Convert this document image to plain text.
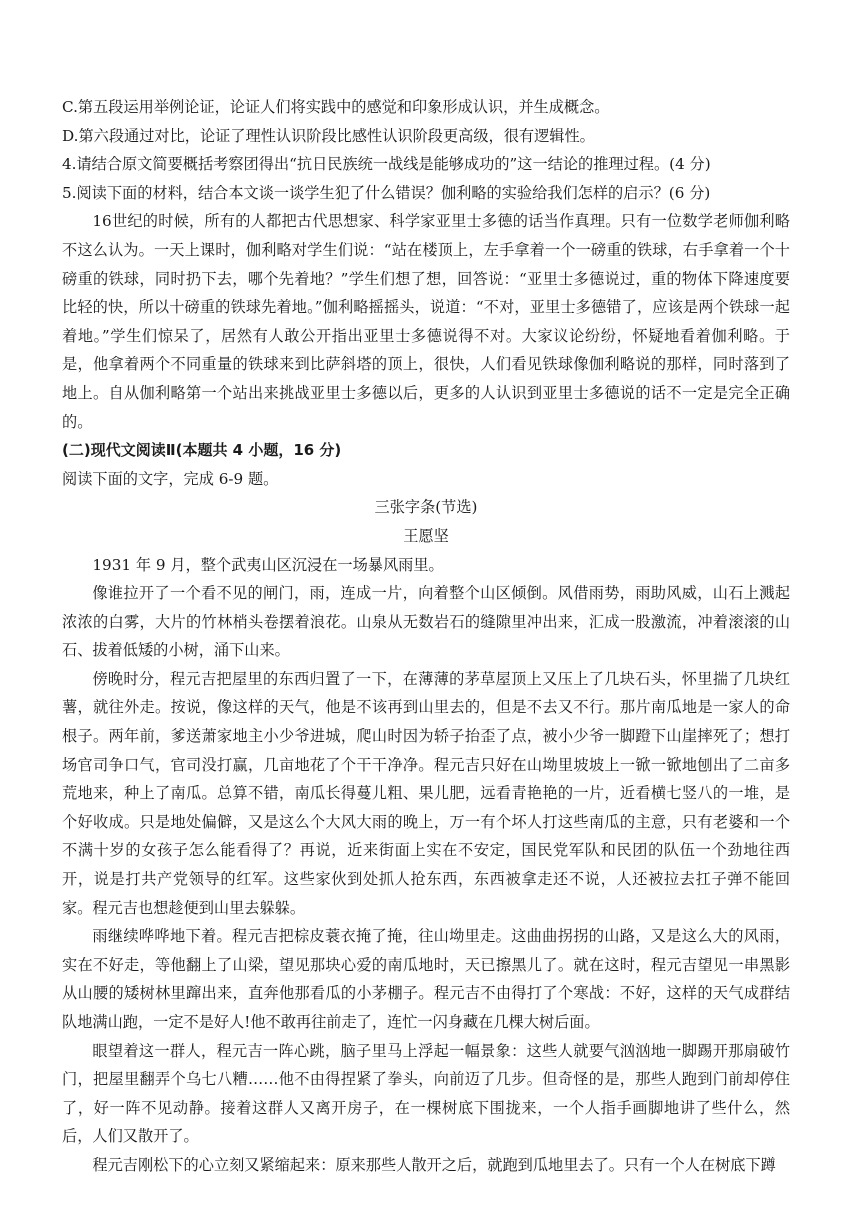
C.第五段运用举例论证，论证人们将实践中的感觉和印象形成认识，并生成概念。

D.第六段通过对比，论证了理性认识阶段比感性认识阶段更高级，很有逻辑性。

4.请结合原文简要概括考察团得出“抗日民族统一战线是能够成功的”这一结论的推理过程。(4 分)

5.阅读下面的材料，结合本文谈一谈学生犯了什么错误？伽利略的实验给我们怎样的启示？(6 分)

16世纪的时候，所有的人都把古代思想家、科学家亚里士多德的话当作真理。只有一位数学老师伽利略不这么认为。一天上课时，伽利略对学生们说：“站在楼顶上，左手拿着一个一磅重的铁球，右手拿着一个十磅重的铁球，同时扔下去，哪个先着地？”学生们想了想，回答说：“亚里士多德说过，重的物体下降速度要比轻的快，所以十磅重的铁球先着地。”伽利略摇摇头，说道：“不对，亚里士多德错了，应该是两个铁球一起着地。”学生们惊呆了，居然有人敢公开指出亚里士多德说得不对。大家议论纷纷，怀疑地看着伽利略。于是，他拿着两个不同重量的铁球来到比萨斜塔的顶上，很快，人们看见铁球像伽利略说的那样，同时落到了地上。自从伽利略第一个站出来挑战亚里士多德以后，更多的人认识到亚里士多德说的话不一定是完全正确的。

(二)现代文阅读Ⅱ(本题共 4 小题，16 分)

阅读下面的文字，完成 6-9 题。

三张字条(节选)

王愿坚

1931 年 9 月，整个武夷山区沉浸在一场暴风雨里。

像谁拉开了一个看不见的闸门，雨，连成一片，向着整个山区倾倒。风借雨势，雨助风威，山石上溅起浓浓的白雾，大片的竹林梢头卷摆着浪花。山泉从无数岩石的缝隙里冲出来，汇成一股激流，冲着滚滚的山石、拔着低矮的小树，涌下山来。

傍晚时分，程元吉把屋里的东西归置了一下，在薄薄的茅草屋顶上又压上了几块石头，怀里揣了几块红薯，就往外走。按说，像这样的天气，他是不该再到山里去的，但是不去又不行。那片南瓜地是一家人的命根子。两年前，爹送萧家地主小少爷进城，爬山时因为轿子抬歪了点，被小少爷一脚蹬下山崖摔死了；想打场官司争口气，官司没打赢，几亩地花了个干干净净。程元吉只好在山坳里坡坡上一锨一锨地刨出了二亩多荒地来，种上了南瓜。总算不错，南瓜长得蔓儿粗、果儿肥，远看青艳艳的一片，近看横七竖八的一堆，是个好收成。只是地处偏僻，又是这么个大风大雨的晚上，万一有个坏人打这些南瓜的主意，只有老婆和一个不满十岁的女孩子怎么能看得了？再说，近来街面上实在不安定，国民党军队和民团的队伍一个劲地往西开，说是打共产党领导的红军。这些家伙到处抓人抢东西，东西被拿走还不说，人还被拉去扛子弹不能回家。程元吉也想趁便到山里去躲躲。

雨继续哗哗地下着。程元吉把棕皮蓑衣掩了掩，往山坳里走。这曲曲拐拐的山路，又是这么大的风雨，实在不好走，等他翻上了山梁，望见那块心爱的南瓜地时，天已擦黑儿了。就在这时，程元吉望见一串黑影从山腰的矮树林里蹿出来，直奔他那看瓜的小茅棚子。程元吉不由得打了个寒战：不好，这样的天气成群结队地满山跑，一定不是好人!他不敢再往前走了，连忙一闪身藏在几棵大树后面。

眼望着这一群人，程元吉一阵心跳，脑子里马上浮起一幅景象：这些人就要气汹汹地一脚踢开那扇破竹门，把屋里翻弄个乌七八糟……他不由得捏紧了拳头，向前迈了几步。但奇怪的是，那些人跑到门前却停住了，好一阵不见动静。接着这群人又离开房子，在一棵树底下围拢来，一个人指手画脚地讲了些什么，然后，人们又散开了。

程元吉刚松下的心立刻又紧缩起来：原来那些人散开之后，就跑到瓜地里去了。只有一个人在树底下蹲
